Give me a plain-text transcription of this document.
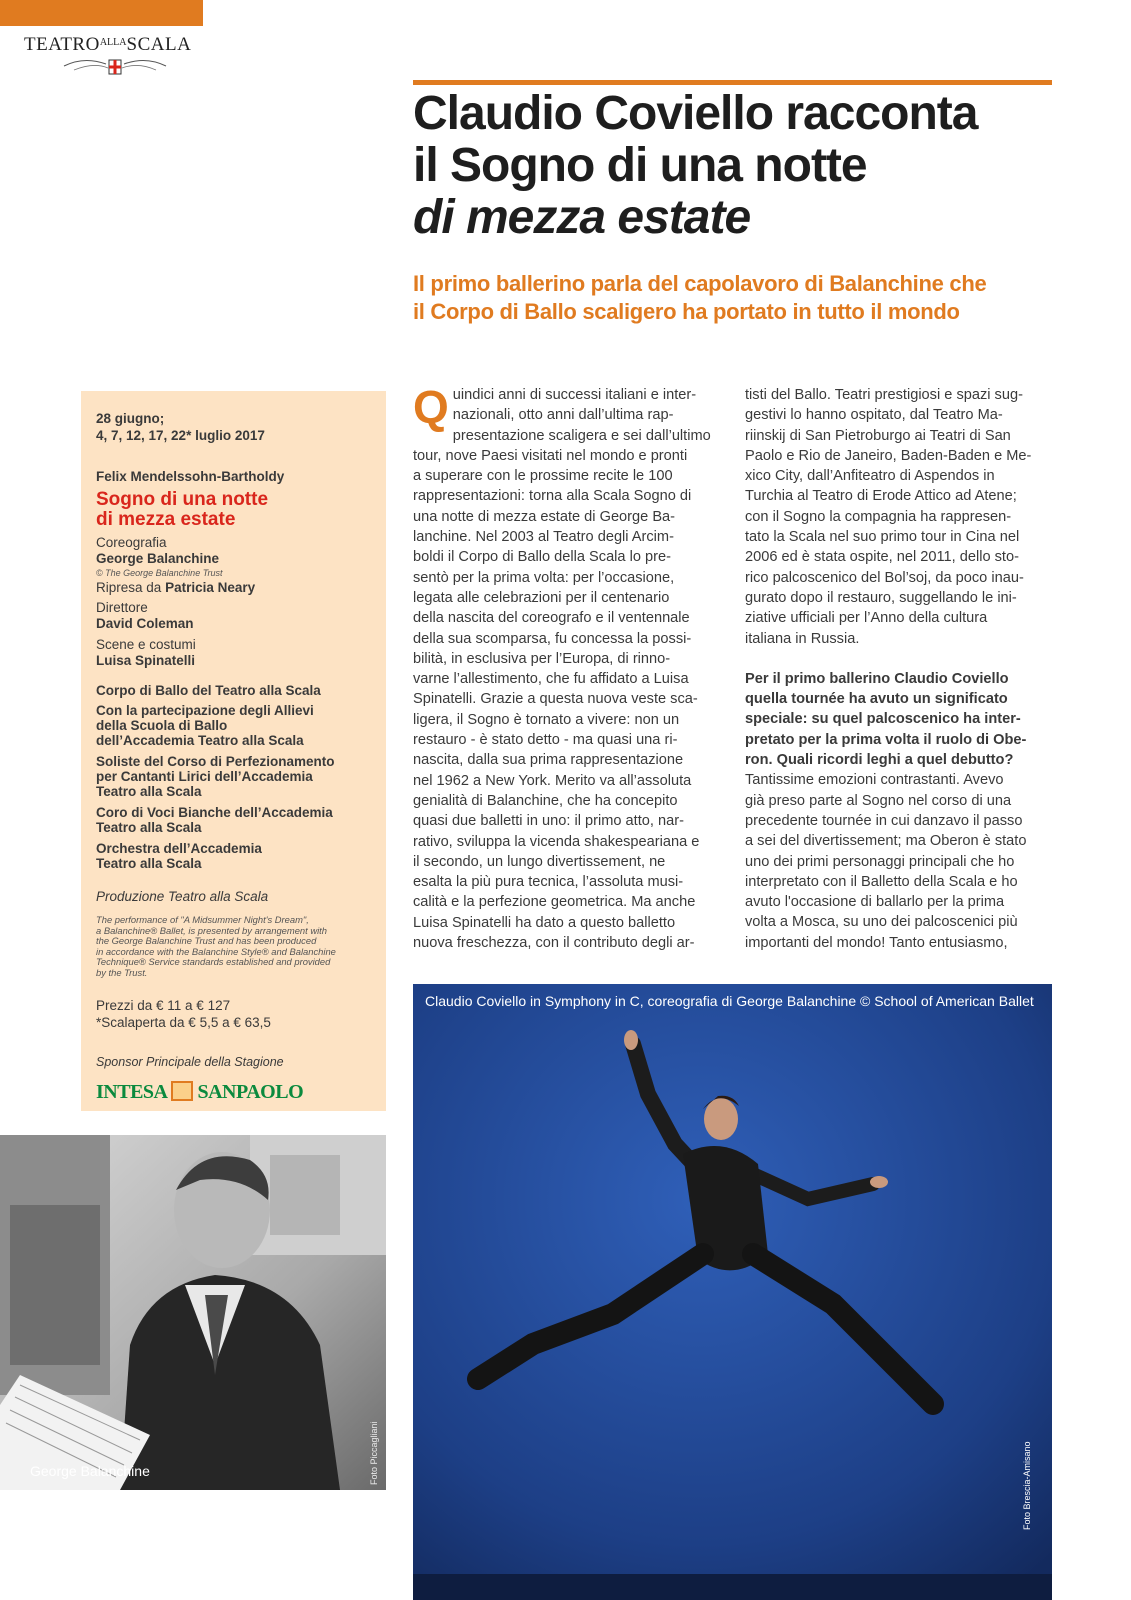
$TEATRO^{ALLA}SCALA$
Claudio Coviello racconta
il Sogno di una notte
di mezza estate
Il primo ballerino parla del capolavoro di Balanchine che
il Corpo di Ballo scaligero ha portato in tutto il mondo
28 giugno;
4, 7, 12, 17, 22* luglio 2017
Felix Mendelssohn-Bartholdy
Sogno di una notte
di mezza estate
Coreografia
George Balanchine
© The George Balanchine Trust
Ripresa da Patricia Neary
Direttore
David Coleman
Scene e costumi
Luisa Spinatelli
Corpo di Ballo del Teatro alla Scala
Con la partecipazione degli Allievi
della Scuola di Ballo
dell’Accademia Teatro alla Scala
Soliste del Corso di Perfezionamento
per Cantanti Lirici dell’Accademia
Teatro alla Scala
Coro di Voci Bianche dell’Accademia
Teatro alla Scala
Orchestra dell’Accademia
Teatro alla Scala
Produzione Teatro alla Scala
The performance of "A Midsummer Night's Dream",
a Balanchine® Ballet, is presented by arrangement with
the George Balanchine Trust and has been produced
in accordance with the Balanchine Style® and Balanchine
Technique® Service standards established and provided
by the Trust.
Prezzi da € 11 a € 127
*Scalaperta da € 5,5 a € 63,5
Sponsor Principale della Stagione
INTESA SANPAOLO
Q uindici anni di successi italiani e inter-
nazionali, otto anni dall’ultima rap-
presentazione scaligera e sei dall’ultimo
tour, nove Paesi visitati nel mondo e pronti
a superare con le prossime recite le 100
rappresentazioni: torna alla Scala Sogno di
una notte di mezza estate di George Ba-
lanchine. Nel 2003 al Teatro degli Arcim-
boldi il Corpo di Ballo della Scala lo pre-
sentò per la prima volta: per l’occasione,
legata alle celebrazioni per il centenario
della nascita del coreografo e il ventennale
della sua scomparsa, fu concessa la possi-
bilità, in esclusiva per l’Europa, di rinno-
varne l’allestimento, che fu affidato a Luisa
Spinatelli. Grazie a questa nuova veste sca-
ligera, il Sogno è tornato a vivere: non un
restauro - è stato detto - ma quasi una ri-
nascita, dalla sua prima rappresentazione
nel 1962 a New York. Merito va all’assoluta
genialità di Balanchine, che ha concepito
quasi due balletti in uno: il primo atto, nar-
rativo, sviluppa la vicenda shakespeariana e
il secondo, un lungo divertissement, ne
esalta la più pura tecnica, l’assoluta musi-
calità e la perfezione geometrica. Ma anche
Luisa Spinatelli ha dato a questo balletto
nuova freschezza, con il contributo degli ar-
tisti del Ballo. Teatri prestigiosi e spazi sug-
gestivi lo hanno ospitato, dal Teatro Ma-
riinskij di San Pietroburgo ai Teatri di San
Paolo e Rio de Janeiro, Baden-Baden e Me-
xico City, dall’Anfiteatro di Aspendos in
Turchia al Teatro di Erode Attico ad Atene;
con il Sogno la compagnia ha rappresen-
tato la Scala nel suo primo tour in Cina nel
2006 ed è stata ospite, nel 2011, dello sto-
rico palcoscenico del Bol’soj, da poco inau-
gurato dopo il restauro, suggellando le ini-
ziative ufficiali per l’Anno della cultura
italiana in Russia.
Per il primo ballerino Claudio Coviello
quella tournée ha avuto un significato
speciale: su quel palcoscenico ha inter-
pretato per la prima volta il ruolo di Obe-
ron. Quali ricordi leghi a quel debutto?
Tantissime emozioni contrastanti. Avevo
già preso parte al Sogno nel corso di una
precedente tournée in cui danzavo il passo
a sei del divertissement; ma Oberon è stato
uno dei primi personaggi principali che ho
interpretato con il Balletto della Scala e ho
avuto l'occasione di ballarlo per la prima
volta a Mosca, su uno dei palcoscenici più
importanti del mondo! Tanto entusiasmo,
George Balanchine	Foto Piccagliani
Claudio Coviello in Symphony in C, coreografia di George Balanchine © School of American Ballet
Foto Brescia-Amisano
